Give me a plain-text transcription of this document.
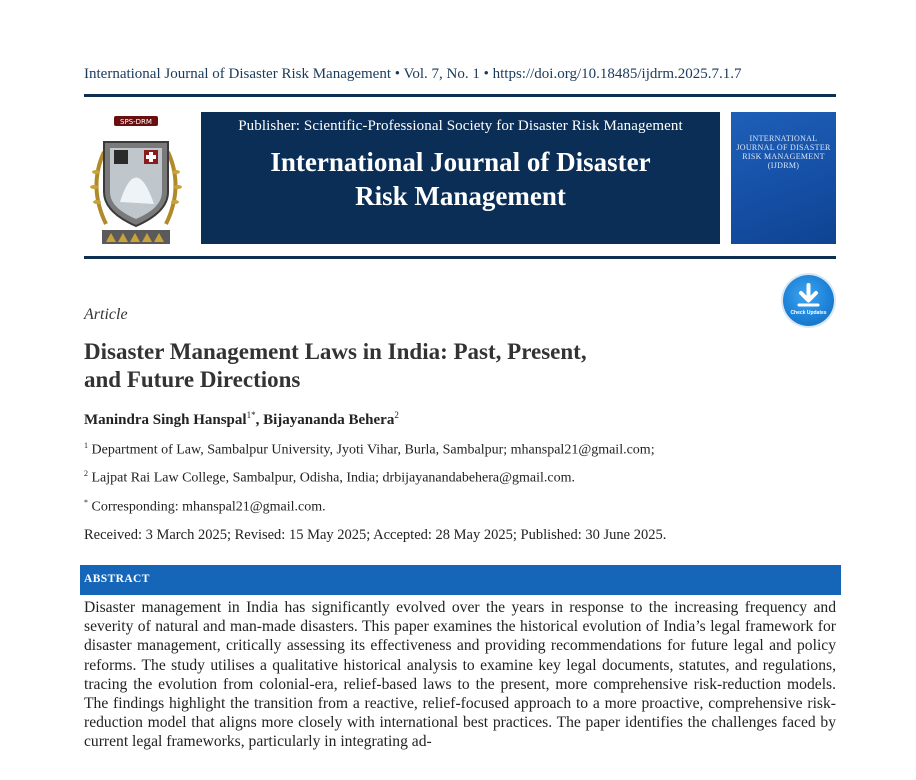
International Journal of Disaster Risk Management • Vol. 7, No. 1 • https://doi.org/10.18485/ijdrm.2025.7.1.7
SPS-DRM	Publisher: Scientific-Professional Society for Disaster Risk Management
International Journal of Disaster
Risk Management
INTERNATIONAL JOURNAL OF DISASTER RISK MANAGEMENT (IJDRM)
Check Updates
Article
Disaster Management Laws in India: Past, Present,
and Future Directions
Manindra Singh Hanspal$^{1*}$, Bijayananda Behera$^2$
$^1$ Department of Law, Sambalpur University, Jyoti Vihar, Burla, Sambalpur; mhanspal21@gmail.com;
$^2$ Lajpat Rai Law College, Sambalpur, Odisha, India; drbijayanandabehera@gmail.com.
* Corresponding: mhanspal21@gmail.com.
Received: 3 March 2025; Revised: 15 May 2025; Accepted: 28 May 2025; Published: 30 June 2025.
ABSTRACT
Disaster management in India has significantly evolved over the years in response to the increasing frequency and severity of natural and man-made disasters. This paper examines the historical evolution of India’s legal framework for disaster management, critically assessing its effectiveness and providing recommendations for future legal and policy reforms. The study utilises a qualitative historical analysis to examine key legal documents, statutes, and regulations, tracing the evolution from colonial-era, relief-based laws to the present, more comprehensive risk-reduction models. The findings highlight the transition from a reactive, relief-focused approach to a more proactive, comprehensive risk-reduction model that aligns more closely with international best practices. The paper identifies the challenges faced by current legal frameworks, particularly in integrating ad-
